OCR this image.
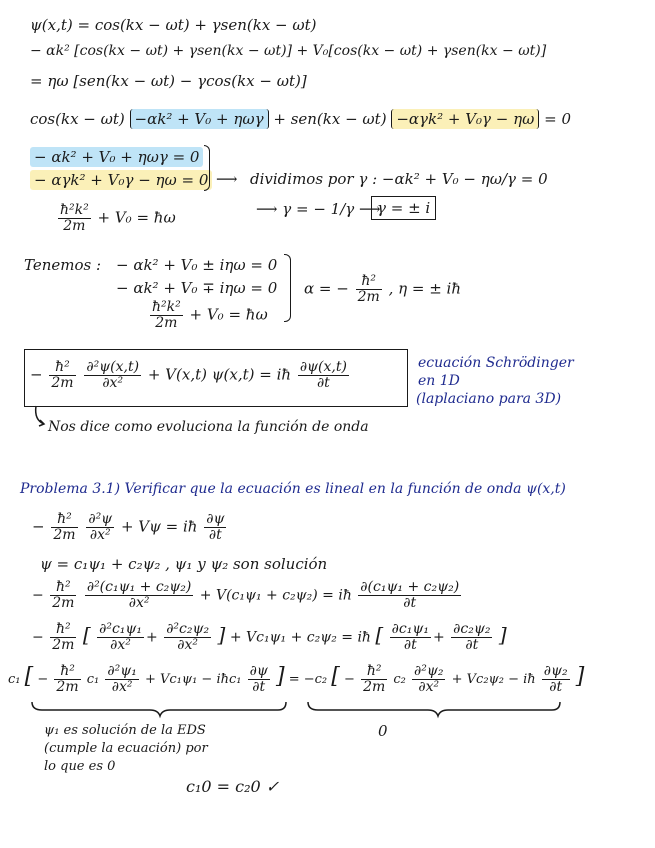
ψ(x,t) = cos(kx − ωt) + γsen(kx − ωt)
− αk² [cos(kx − ωt) + γsen(kx − ωt)] + V₀[cos(kx − ωt) + γsen(kx − ωt)]
= ηω [sen(kx − ωt) − γcos(kx − ωt)]
cos(kx − ωt) −αk² + V₀ + ηωγ + sen(kx − ωt) −αγk² + V₀γ − ηω = 0
− αk² + V₀ + ηωγ = 0
− αγk² + V₀γ − ηω = 0 ⟶ dividimos por γ : −αk² + V₀ − ηω/γ = 0
$\frac{\text{ħ²k²}}{2m} + V_0$ = ħω	⟶ γ = − 1/γ ⟶
γ = ± i
Tenemos : − αk² + V₀ ± iηω = 0
− αk² + V₀ ∓ iηω = 0
$\frac{\text{ħ²k²}}{2m} + V_0$ = ħω
α = − $\frac{\text{ħ²}}{2m}$ , η = ± iħ
− $\frac{\text{ħ²}}{2m}$
$\frac{\text{∂²ψ(x,t)}}{\text{∂x²}} + V(x,t) \psi(x,t)$ = iħ $\frac{\partial\psi(x,t)}{\partial t}$	ecuación Schrödinger
en 1D
(laplaciano para 3D)
Nos dice como evoluciona la función de onda
Problema 3.1) Verificar que la ecuación es lineal en la función de onda ψ(x,t)
− $\frac{\text{ħ²}}{2m}$
$\frac{\text{∂²ψ}}{\text{∂x²}} + V\psi$ = iħ $\frac{\partial\psi}{\partial t}$
ψ = c₁ψ₁ + c₂ψ₂ , ψ₁ y ψ₂ son solución
− $\frac{\text{ħ²}}{2m}$
$\frac{\text{∂²(c₁ψ₁ + c₂ψ₂)}}{\text{∂x²}} + V(c_1\psi_1 + c_2\psi_2)$ = iħ $\frac{\text{∂(c₁ψ₁ + c₂ψ₂)}}{\partial t}$
− $\frac{\text{ħ²}}{2m}$ [ $\frac{\text{∂²c₁ψ₁}}{\text{∂x²}} + \frac{\text{∂²c₂ψ₂}}{\text{∂x²}}$ ] + Vc₁ψ₁ + c₂ψ₂ = iħ [ $\frac{\text{∂c₁ψ₁}}{\partial t} + \frac{\text{∂c₂ψ₂}}{\partial t}$ ]
c₁ [ − $\frac{\text{ħ²}}{2m} c_1 \frac{\text{∂²ψ₁}}{\text{∂x²}} + Vc_1\psi_1$ − iħc₁ $\frac{\partial\psi}{\partial t}$ ] = −c₂ [ − $\frac{\text{ħ²}}{2m} c_2 \frac{\text{∂²ψ₂}}{\text{∂x²}} + Vc_2\psi_2$ − iħ $\frac{\text{∂ψ₂}}{\partial t}$ ]
ψ₁ es solución de la EDS
(cumple la ecuación) por
lo que es 0
0
c₁0 = c₂0 ✓
